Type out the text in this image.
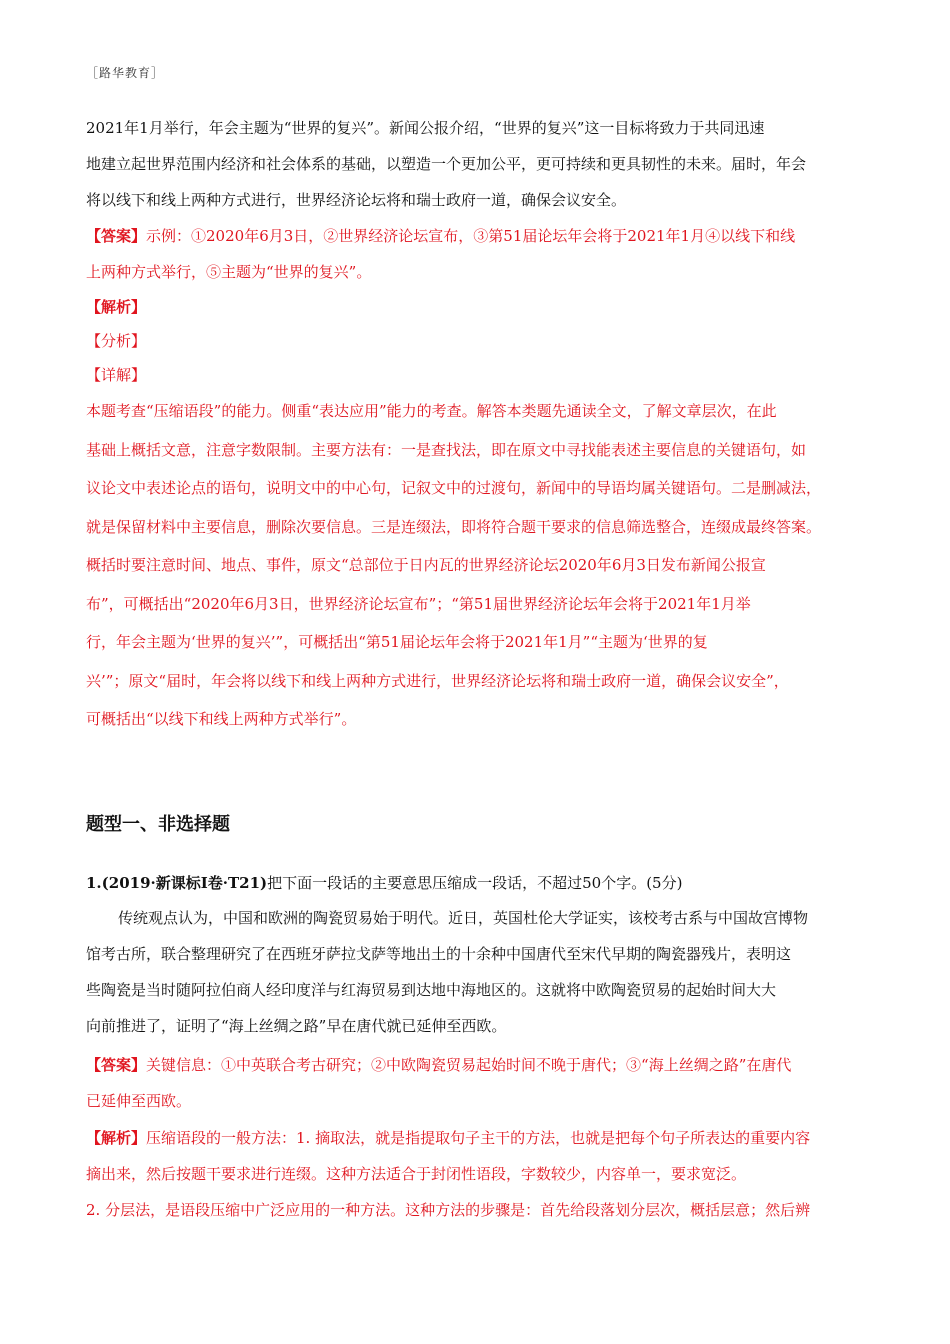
［路华教育］

2021年1月举行，年会主题为“世界的复兴”。新闻公报介绍，“世界的复兴”这一目标将致力于共同迅速

地建立起世界范围内经济和社会体系的基础，以塑造一个更加公平，更可持续和更具韧性的未来。届时，年会

将以线下和线上两种方式进行，世界经济论坛将和瑞士政府一道，确保会议安全。

【答案】示例：①2020年6月3日，②世界经济论坛宣布，③第51届论坛年会将于2021年1月④以线下和线

上两种方式举行，⑤主题为“世界的复兴”。

【解析】

【分析】

【详解】

本题考查“压缩语段”的能力。侧重“表达应用”能力的考查。解答本类题先通读全文，了解文章层次，在此

基础上概括文意，注意字数限制。主要方法有：一是查找法，即在原文中寻找能表述主要信息的关键语句，如

议论文中表述论点的语句，说明文中的中心句，记叙文中的过渡句，新闻中的导语均属关键语句。二是删减法，

就是保留材料中主要信息，删除次要信息。三是连缀法，即将符合题干要求的信息筛选整合，连缀成最终答案。

概括时要注意时间、地点、事件，原文“总部位于日内瓦的世界经济论坛2020年6月3日发布新闻公报宣

布”，可概括出“2020年6月3日，世界经济论坛宣布”；“第51届世界经济论坛年会将于2021年1月举

行，年会主题为‘世界的复兴’”，可概括出“第51届论坛年会将于2021年1月”“主题为‘世界的复

兴’”；原文“届时，年会将以线下和线上两种方式进行，世界经济论坛将和瑞士政府一道，确保会议安全”，

可概括出“以线下和线上两种方式举行”。

题型一、非选择题

1.(2019·新课标Ⅰ卷·T21)把下面一段话的主要意思压缩成一段话，不超过50个字。(5分)

传统观点认为，中国和欧洲的陶瓷贸易始于明代。近日，英国杜伦大学证实，该校考古系与中国故宫博物

馆考古所，联合整理研究了在西班牙萨拉戈萨等地出土的十余种中国唐代至宋代早期的陶瓷器残片，表明这

些陶瓷是当时随阿拉伯商人经印度洋与红海贸易到达地中海地区的。这就将中欧陶瓷贸易的起始时间大大

向前推进了，证明了“海上丝绸之路”早在唐代就已延伸至西欧。

【答案】关键信息：①中英联合考古研究；②中欧陶瓷贸易起始时间不晚于唐代；③“海上丝绸之路”在唐代

已延伸至西欧。

【解析】压缩语段的一般方法：1. 摘取法，就是指提取句子主干的方法，也就是把每个句子所表达的重要内容

摘出来，然后按题干要求进行连缀。这种方法适合于封闭性语段，字数较少，内容单一，要求宽泛。

2. 分层法，是语段压缩中广泛应用的一种方法。这种方法的步骤是：首先给段落划分层次，概括层意；然后辨
